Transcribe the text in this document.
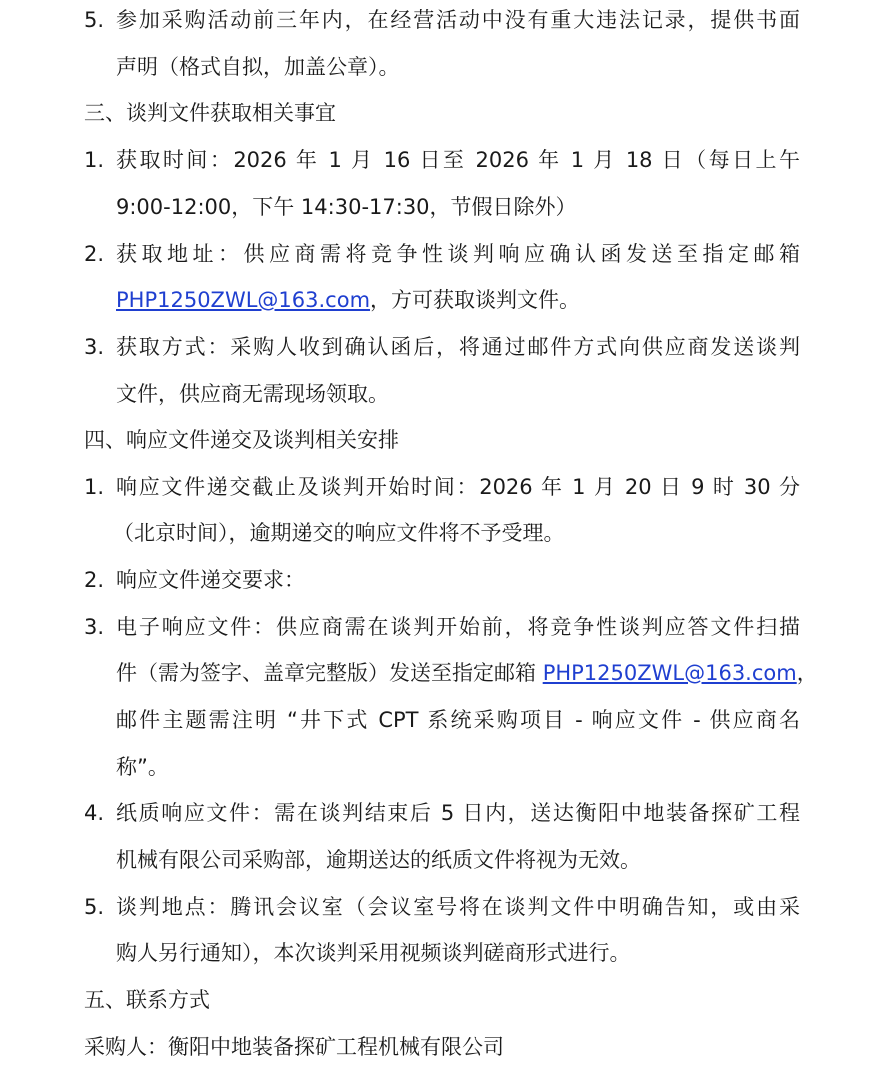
5. 参加采购活动前三年内，在经营活动中没有重大违法记录，提供书面
声明（格式自拟，加盖公章）。
三、谈判文件获取相关事宜
1. 获取时间：2026 年 1 月 16 日至 2026 年 1 月 18 日（每日上午
9:00-12:00，下午 14:30-17:30，节假日除外）
2. 获取地址：供应商需将竞争性谈判响应确认函发送至指定邮箱
PHP1250ZWL@163.com，方可获取谈判文件。
3. 获取方式：采购人收到确认函后，将通过邮件方式向供应商发送谈判
文件，供应商无需现场领取。
四、响应文件递交及谈判相关安排
1. 响应文件递交截止及谈判开始时间：2026 年 1 月 20 日 9 时 30 分
（北京时间），逾期递交的响应文件将不予受理。
2. 响应文件递交要求：
3. 电子响应文件：供应商需在谈判开始前，将竞争性谈判应答文件扫描
件（需为签字、盖章完整版）发送至指定邮箱 PHP1250ZWL@163.com，
邮件主题需注明 “井下式 CPT 系统采购项目 - 响应文件 - 供应商名
称”。
4. 纸质响应文件：需在谈判结束后 5 日内，送达衡阳中地装备探矿工程
机械有限公司采购部，逾期送达的纸质文件将视为无效。
5. 谈判地点：腾讯会议室（会议室号将在谈判文件中明确告知，或由采
购人另行通知），本次谈判采用视频谈判磋商形式进行。
五、联系方式
采购人：衡阳中地装备探矿工程机械有限公司
